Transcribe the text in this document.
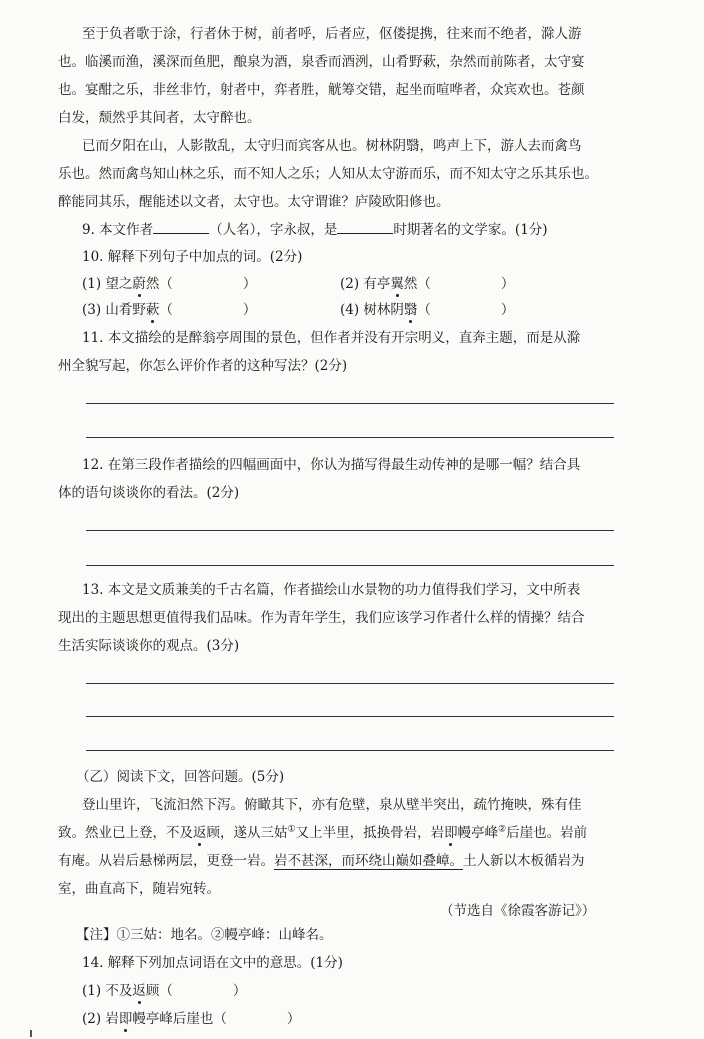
至于负者歌于涂，行者休于树，前者呼，后者应，伛偻提携，往来而不绝者，滁人游
也。临溪而渔，溪深而鱼肥，酿泉为酒，泉香而酒洌，山肴野蔌，杂然而前陈者，太守宴
也。宴酣之乐，非丝非竹，射者中，弈者胜，觥筹交错，起坐而喧哗者，众宾欢也。苍颜
白发，颓然乎其间者，太守醉也。
已而夕阳在山，人影散乱，太守归而宾客从也。树林阴翳，鸣声上下，游人去而禽鸟
乐也。然而禽鸟知山林之乐，而不知人之乐；人知从太守游而乐，而不知太守之乐其乐也。
醉能同其乐，醒能述以文者，太守也。太守谓谁？庐陵欧阳修也。
9. 本文作者	（人名），字永叔，是	时期著名的文学家。(1分)
10. 解释下列句子中加点的词。(2分)
(1) 望之蔚然（	）	(2) 有亭翼然（	）
(3) 山肴野蔌（	）	(4) 树林阴翳（	）
11. 本文描绘的是醉翁亭周围的景色，但作者并没有开宗明义，直奔主题，而是从滁
州全貌写起，你怎么评价作者的这种写法？(2分)
12. 在第三段作者描绘的四幅画面中，你认为描写得最生动传神的是哪一幅？结合具
体的语句谈谈你的看法。(2分)
13. 本文是文质兼美的千古名篇，作者描绘山水景物的功力值得我们学习，文中所表
现出的主题思想更值得我们品味。作为青年学生，我们应该学习作者什么样的情操？结合
生活实际谈谈你的观点。(3分)
（乙）阅读下文，回答问题。(5分)
登山里许，飞流汩然下泻。俯瞰其下，亦有危壁，泉从壁半突出，疏竹掩映，殊有佳
致。然业已上登，不及返顾，遂从三姑①又上半里，抵换骨岩，岩即幔亭峰②后崖也。岩前
有庵。从岩后悬梯两层，更登一岩。岩不甚深，而环绕山巅如叠嶂。土人新以木板循岩为
室，曲直高下，随岩宛转。
（节选自《徐霞客游记》）
【注】①三姑：地名。②幔亭峰：山峰名。
14. 解释下列加点词语在文中的意思。(1分)
(1) 不及返顾（	）
(2) 岩即幔亭峰后崖也（	）
